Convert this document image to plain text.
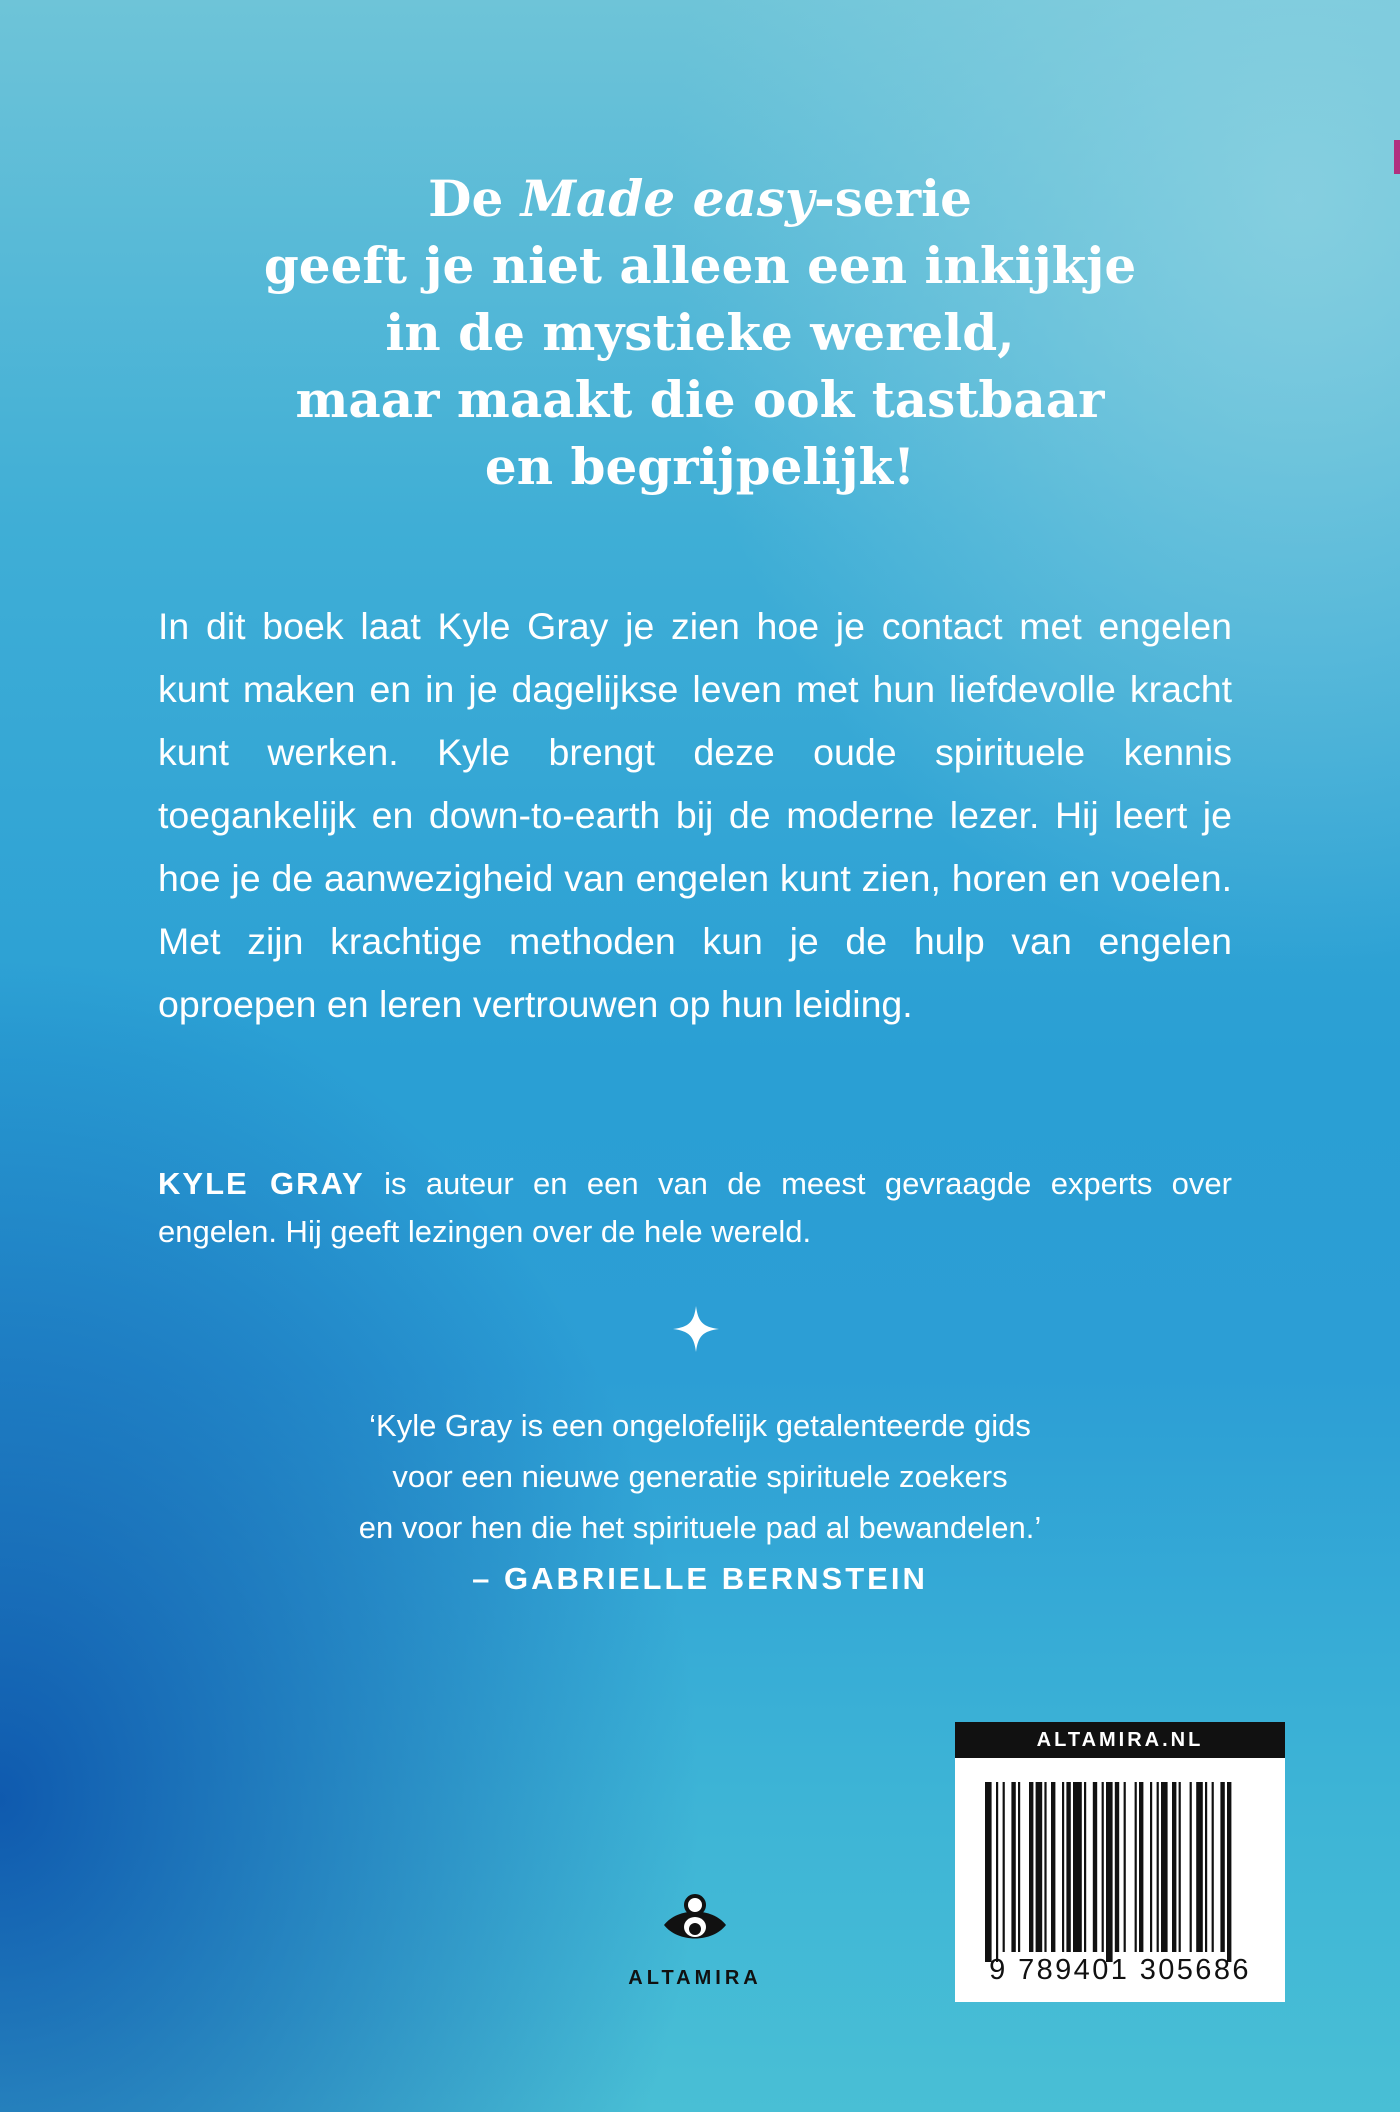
De Made easy-serie
geeft je niet alleen een inkijkje
in de mystieke wereld,
maar maakt die ook tastbaar
en begrijpelijk!

In dit boek laat Kyle Gray je zien hoe je contact met engelen kunt maken en in je dagelijkse leven met hun liefdevolle kracht kunt werken. Kyle brengt deze oude spirituele kennis toegankelijk en down-to-earth bij de moderne lezer. Hij leert je hoe je de aanwezigheid van engelen kunt zien, horen en voelen. Met zijn krachtige methoden kun je de hulp van engelen oproepen en leren vertrouwen op hun leiding.

KYLE GRAY is auteur en een van de meest gevraagde experts over engelen. Hij geeft lezingen over de hele wereld.

‘Kyle Gray is een ongelofelijk getalenteerde gids
voor een nieuwe generatie spirituele zoekers
en voor hen die het spirituele pad al bewandelen.’
– GABRIELLE BERNSTEIN

ALTAMIRA
ALTAMIRA.NL
9 789401 305686
